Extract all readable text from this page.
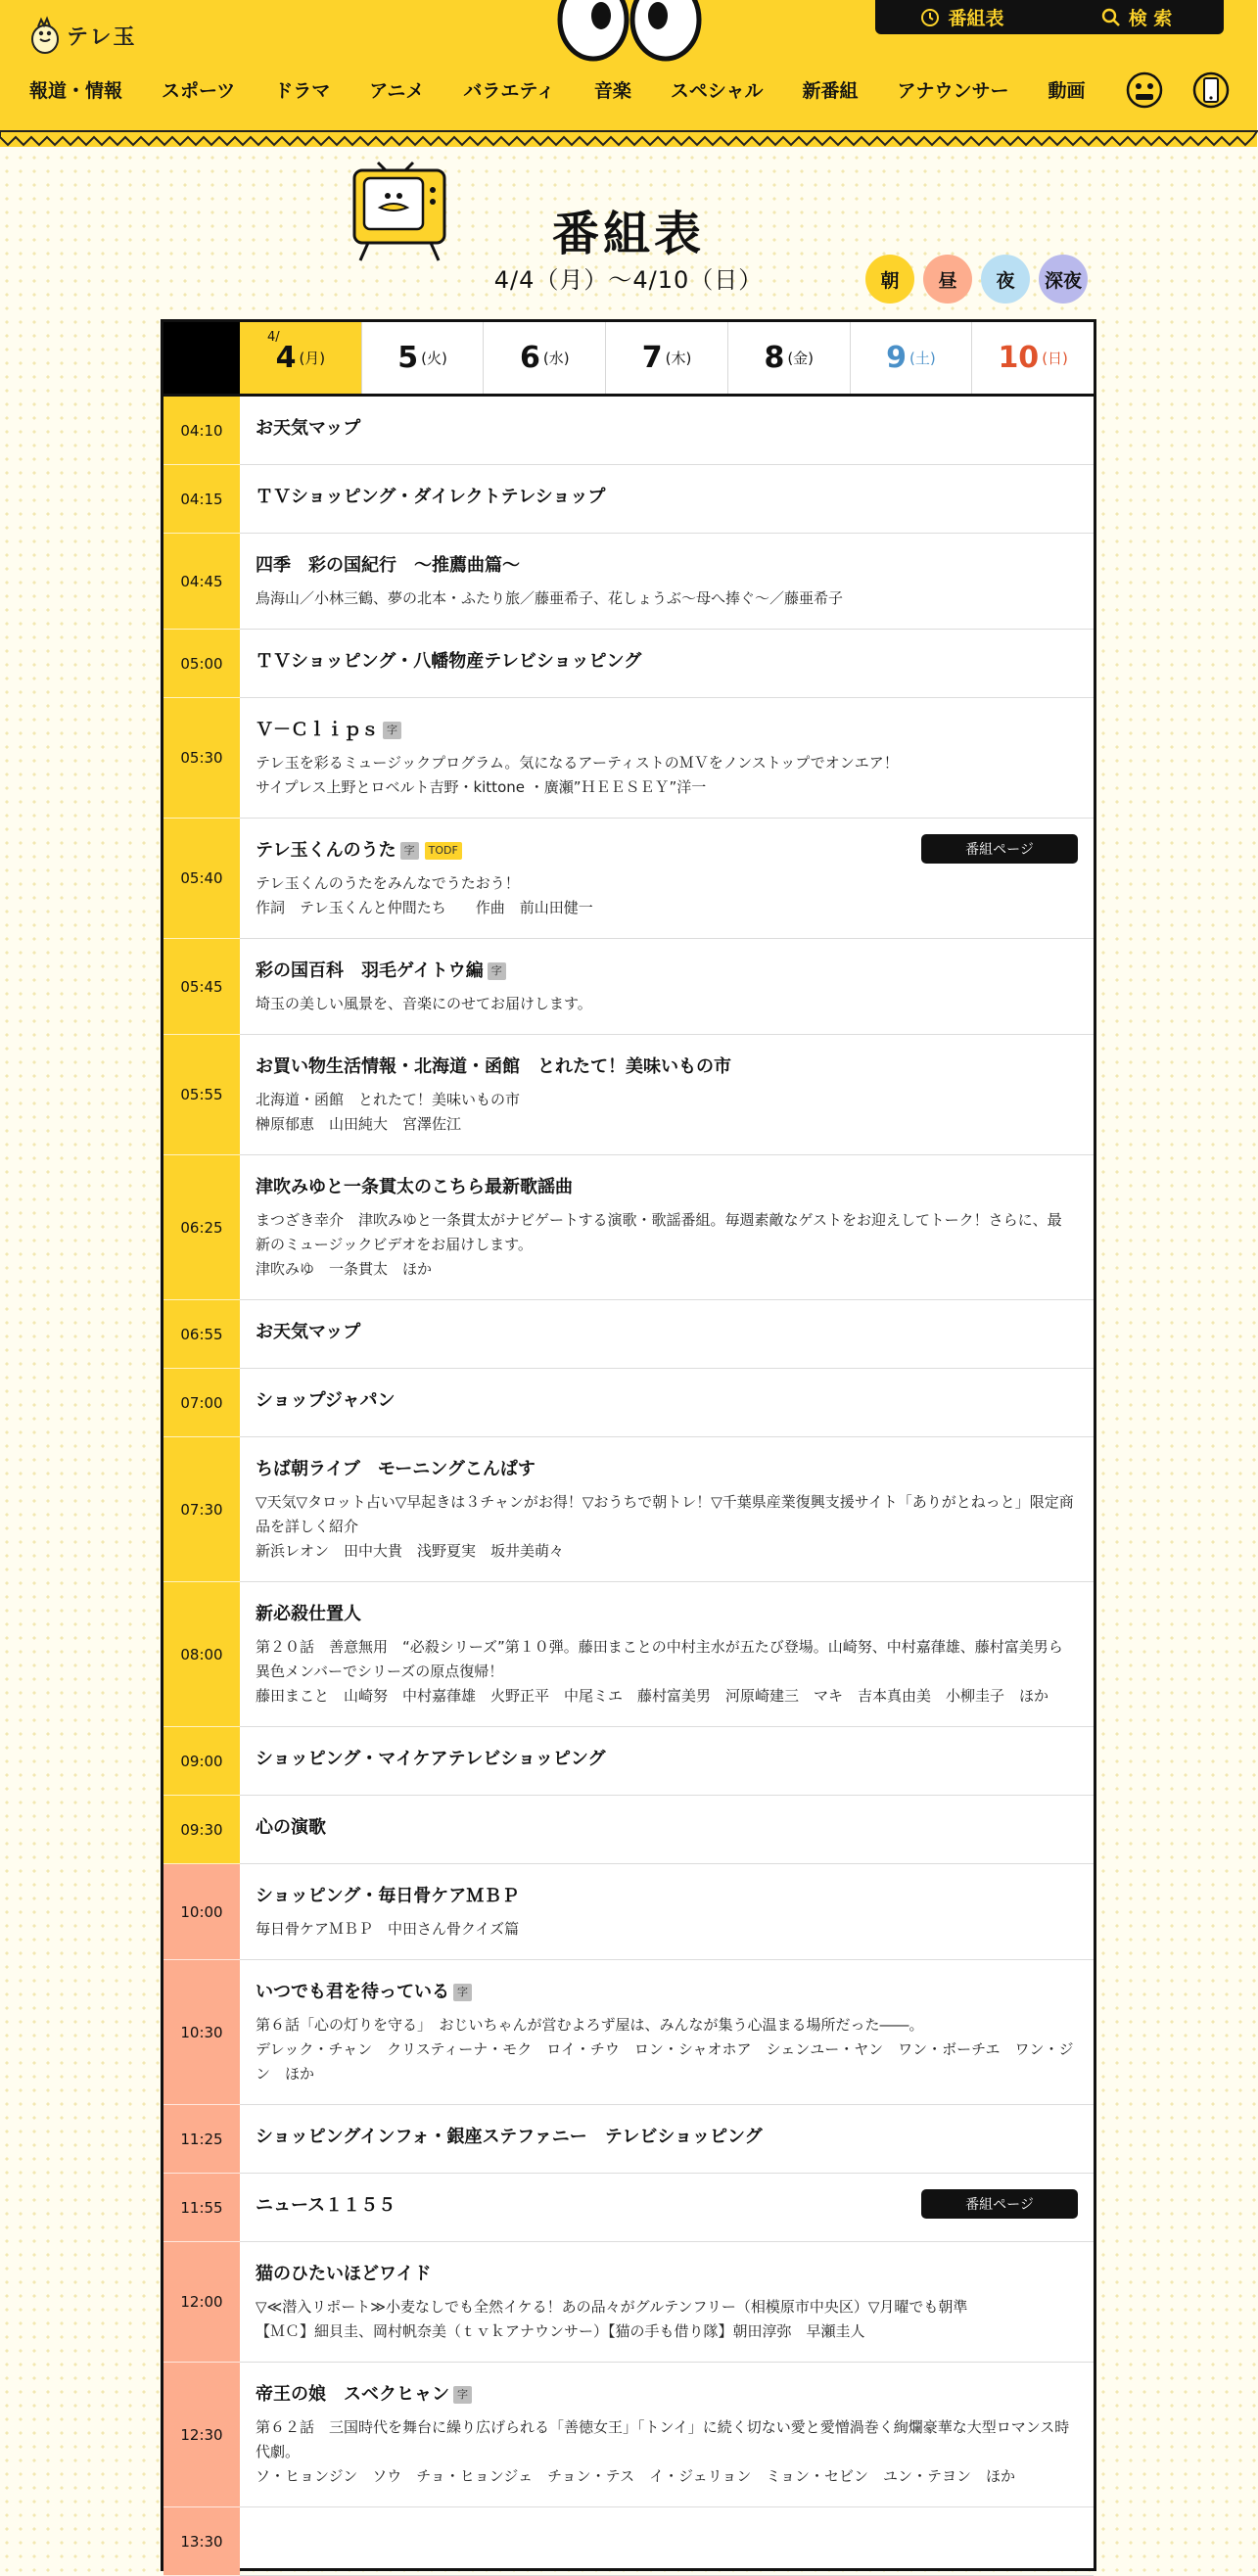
テレ玉
番組表	検 索
報道・情報 スポーツ ドラマ アニメ バラエティ 音楽 スペシャル 新番組 アナウンサー 動画
番組表
4/4（月）〜4/10（日）	朝 昼 夜 深夜
4/
4 (月) 5 (火) 6 (水) 7 (木) 8 (金) 9 (土) 10 (日)
04:10	お天気マップ
04:15	ＴＶショッピング・ダイレクトテレショップ
04:45
四季　彩の国紀行　～推薦曲篇～
鳥海山／小林三鶴、夢の北本・ふたり旅／藤亜希子、花しょうぶ～母へ捧ぐ～／藤亜希子
05:00	ＴＶショッピング・八幡物産テレビショッピング
05:30
Ｖ－Ｃｌｉｐｓ 字
テレ玉を彩るミュージックプログラム。気になるアーティストのＭＶをノンストップでオンエア！
サイプレス上野とロベルト吉野・kittone ・廣瀬”ＨＥＥＳＥＹ”洋一
05:40
テレ玉くんのうた 字	TODF
テレ玉くんのうたをみんなでうたおう！
作詞　テレ玉くんと仲間たち　　作曲　前山田健一
番組ページ
05:45
彩の国百科　羽毛ゲイトウ編 字
埼玉の美しい風景を、音楽にのせてお届けします。
05:55
お買い物生活情報・北海道・函館　とれたて！美味いもの市
北海道・函館　とれたて！美味いもの市
榊原郁恵　山田純大　宮澤佐江
06:25
津吹みゆと一条貫太のこちら最新歌謡曲
まつざき幸介　津吹みゆと一条貫太がナビゲートする演歌・歌謡番組。毎週素敵なゲストをお迎えしてトーク！さらに、最新のミュージックビデオをお届けします。
津吹みゆ　一条貫太　ほか
06:55	お天気マップ
07:00	ショップジャパン
07:30
ちば朝ライブ　モーニングこんぱす
▽天気▽タロット占い▽早起きは３チャンがお得！▽おうちで朝トレ！▽千葉県産業復興支援サイト「ありがとねっと」限定商品を詳しく紹介
新浜レオン　田中大貴　浅野夏実　坂井美萌々
08:00
新必殺仕置人
第２０話　善意無用　“必殺シリーズ”第１０弾。藤田まことの中村主水が五たび登場。山崎努、中村嘉葎雄、藤村富美男ら異色メンバーでシリーズの原点復帰！
藤田まこと　山崎努　中村嘉葎雄　火野正平　中尾ミエ　藤村富美男　河原崎建三　マキ　吉本真由美　小柳圭子　ほか
09:00	ショッピング・マイケアテレビショッピング
09:30	心の演歌
10:00
ショッピング・毎日骨ケアＭＢＰ
毎日骨ケアＭＢＰ　中田さん骨クイズ篇
10:30
いつでも君を待っている 字
第６話「心の灯りを守る」　おじいちゃんが営むよろず屋は、みんなが集う心温まる場所だった――。
デレック・チャン　クリスティーナ・モク　ロイ・チウ　ロン・シャオホア　シェンユー・ヤン　ワン・ボーチエ　ワン・ジン　ほか
11:25	ショッピングインフォ・銀座ステファニー　テレビショッピング
11:55	ニュース１１５５	番組ページ
12:00
猫のひたいほどワイド
▽≪潜入リポート≫小麦なしでも全然イケる！あの品々がグルテンフリー（相模原市中央区）▽月曜でも朝準
【ＭＣ】細貝圭、岡村帆奈美（ｔｖｋアナウンサー）【猫の手も借り隊】朝田淳弥　早瀬圭人
12:30
帝王の娘　スベクヒャン 字
第６２話　三国時代を舞台に繰り広げられる「善徳女王」「トンイ」に続く切ない愛と愛憎渦巻く絢爛豪華な大型ロマンス時代劇。
ソ・ヒョンジン　ソウ　チョ・ヒョンジェ　チョン・テス　イ・ジェリョン　ミョン・セビン　ユン・テヨン　ほか
13:30
